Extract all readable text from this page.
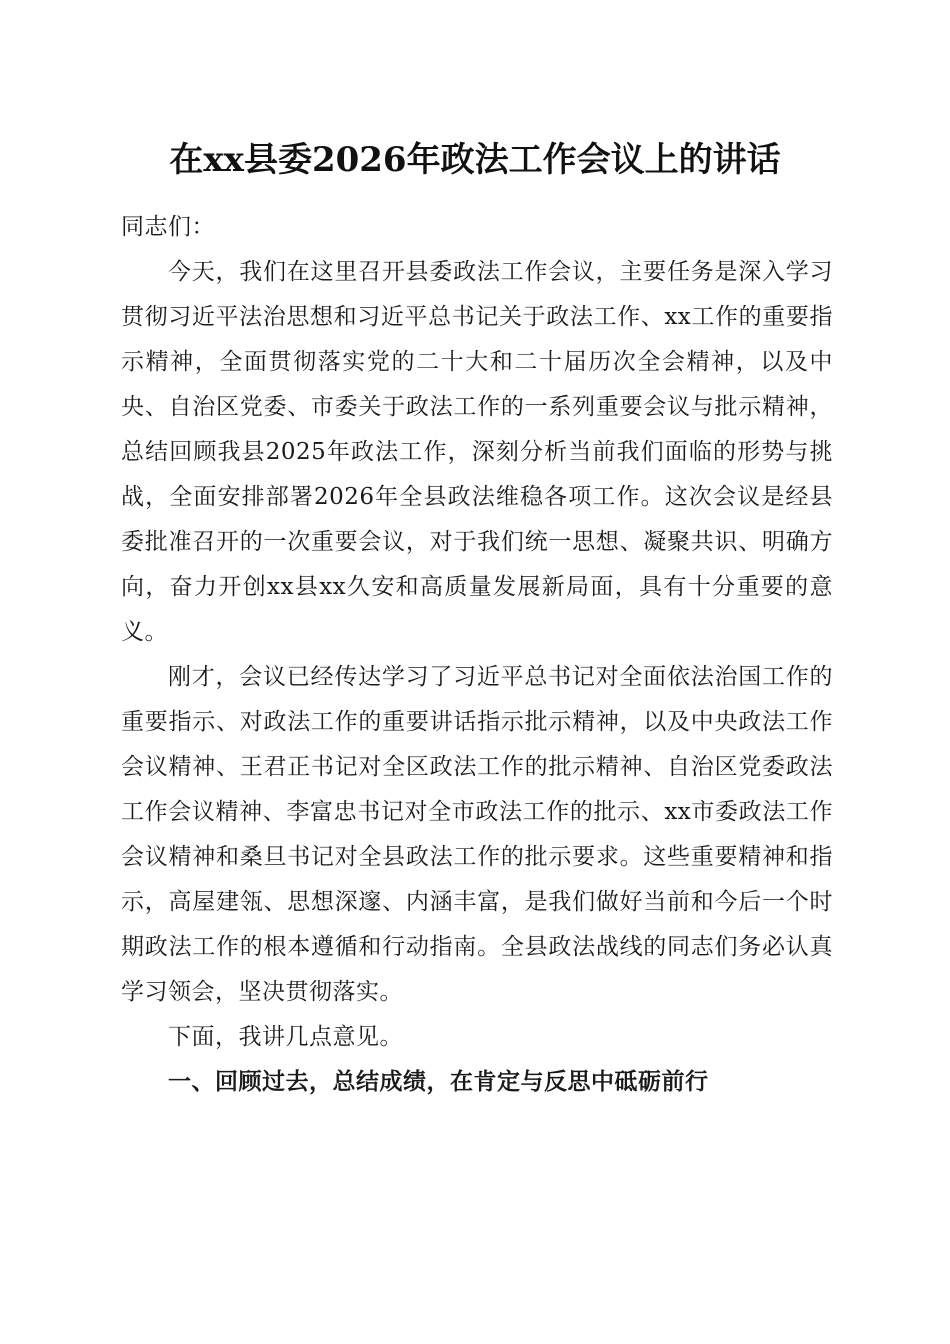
在xx县委2026年政法工作会议上的讲话

同志们：

今天，我们在这里召开县委政法工作会议，主要任务是深入学习贯彻习近平法治思想和习近平总书记关于政法工作、xx工作的重要指示精神，全面贯彻落实党的二十大和二十届历次全会精神，以及中央、自治区党委、市委关于政法工作的一系列重要会议与批示精神，总结回顾我县2025年政法工作，深刻分析当前我们面临的形势与挑战，全面安排部署2026年全县政法维稳各项工作。这次会议是经县委批准召开的一次重要会议，对于我们统一思想、凝聚共识、明确方向，奋力开创xx县xx久安和高质量发展新局面，具有十分重要的意义。

刚才，会议已经传达学习了习近平总书记对全面依法治国工作的重要指示、对政法工作的重要讲话指示批示精神，以及中央政法工作会议精神、王君正书记对全区政法工作的批示精神、自治区党委政法工作会议精神、李富忠书记对全市政法工作的批示、xx市委政法工作会议精神和桑旦书记对全县政法工作的批示要求。这些重要精神和指示，高屋建瓴、思想深邃、内涵丰富，是我们做好当前和今后一个时期政法工作的根本遵循和行动指南。全县政法战线的同志们务必认真学习领会，坚决贯彻落实。

下面，我讲几点意见。

一、回顾过去，总结成绩，在肯定与反思中砥砺前行
